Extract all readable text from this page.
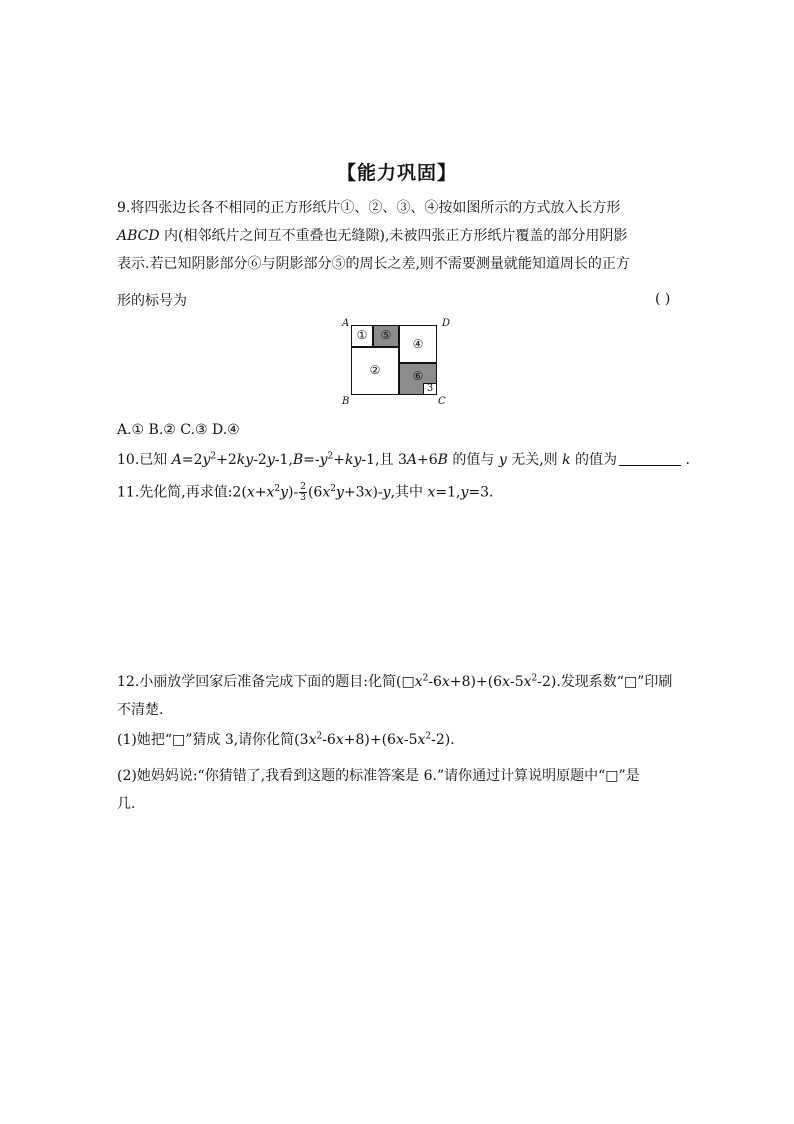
【能力巩固】
9.将四张边长各不相同的正方形纸片①、②、③、④按如图所示的方式放入长方形
ABCD 内(相邻纸片之间互不重叠也无缝隙),未被四张正方形纸片覆盖的部分用阴影
表示.若已知阴影部分⑥与阴影部分⑤的周长之差,则不需要测量就能知道周长的正方
形的标号为	( )
A	D
B	C
①	⑤
②
④
⑥
3
A.① B.② C.③ D.④
10.已知 $A=2y^2+2ky-2y-1,B=-y^2+ky-1$,且 3A+6B 的值与 y 无关,则 k 的值为	.
11.先化简,再求值$:2(x+x^2y)- \frac{2}{3} (6x^2y+3x)-y$,其中 x=1,y=3.
12.小丽放学回家后准备完成下面的题目:化简$(□x^2-6x+8)+(6x-5x^2-2)$.发现系数“□”印刷
不清楚.
(1)她把“□”猜成 3,请你化简$(3x^2-6x+8)+(6x-5x^2-2)$.
(2)她妈妈说:“你猜错了,我看到这题的标准答案是 6.”请你通过计算说明原题中“□”是
几.
